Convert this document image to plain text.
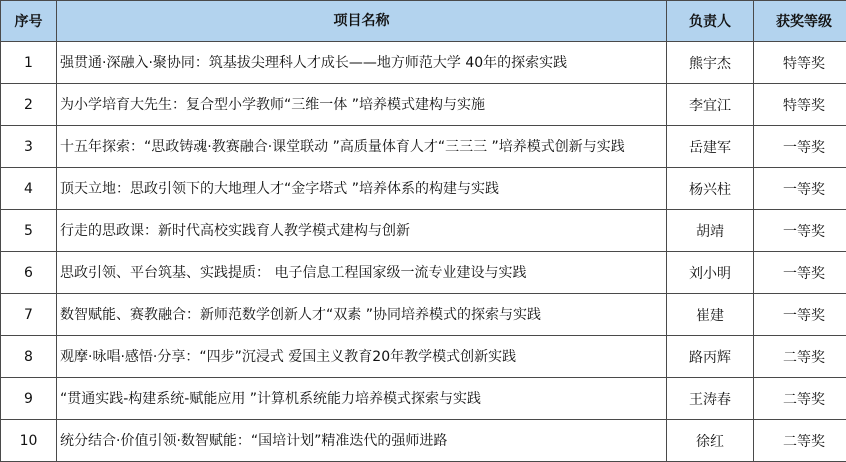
序号	项目名称	负责人	获奖等级
1	强贯通·深融入·聚协同：筑基拔尖理科人才成长——地方师范大学 40年的探索实践	熊宇杰	特等奖
2	为小学培育大先生：复合型小学教师“三维一体 ”培养模式建构与实施	李宜江	特等奖
3	十五年探索：“思政铸魂·教赛融合·课堂联动 ”高质量体育人才“三三三 ”培养模式创新与实践	岳建军	一等奖
4	顶天立地：思政引领下的大地理人才“金字塔式 ”培养体系的构建与实践	杨兴柱	一等奖
5	行走的思政课：新时代高校实践育人教学模式建构与创新	胡靖	一等奖
6	思政引领、平台筑基、实践提质： 电子信息工程国家级一流专业建设与实践	刘小明	一等奖
7	数智赋能、赛教融合：新师范数学创新人才“双素 ”协同培养模式的探索与实践	崔建	一等奖
8	观摩·咏唱·感悟·分享：“四步”沉浸式 爱国主义教育20年教学模式创新实践	路丙辉	二等奖
9	“贯通实践-构建系统-赋能应用 ”计算机系统能力培养模式探索与实践	王涛春	二等奖
10	统分结合·价值引领·数智赋能：“国培计划”精准迭代的强师进路	徐红	二等奖
